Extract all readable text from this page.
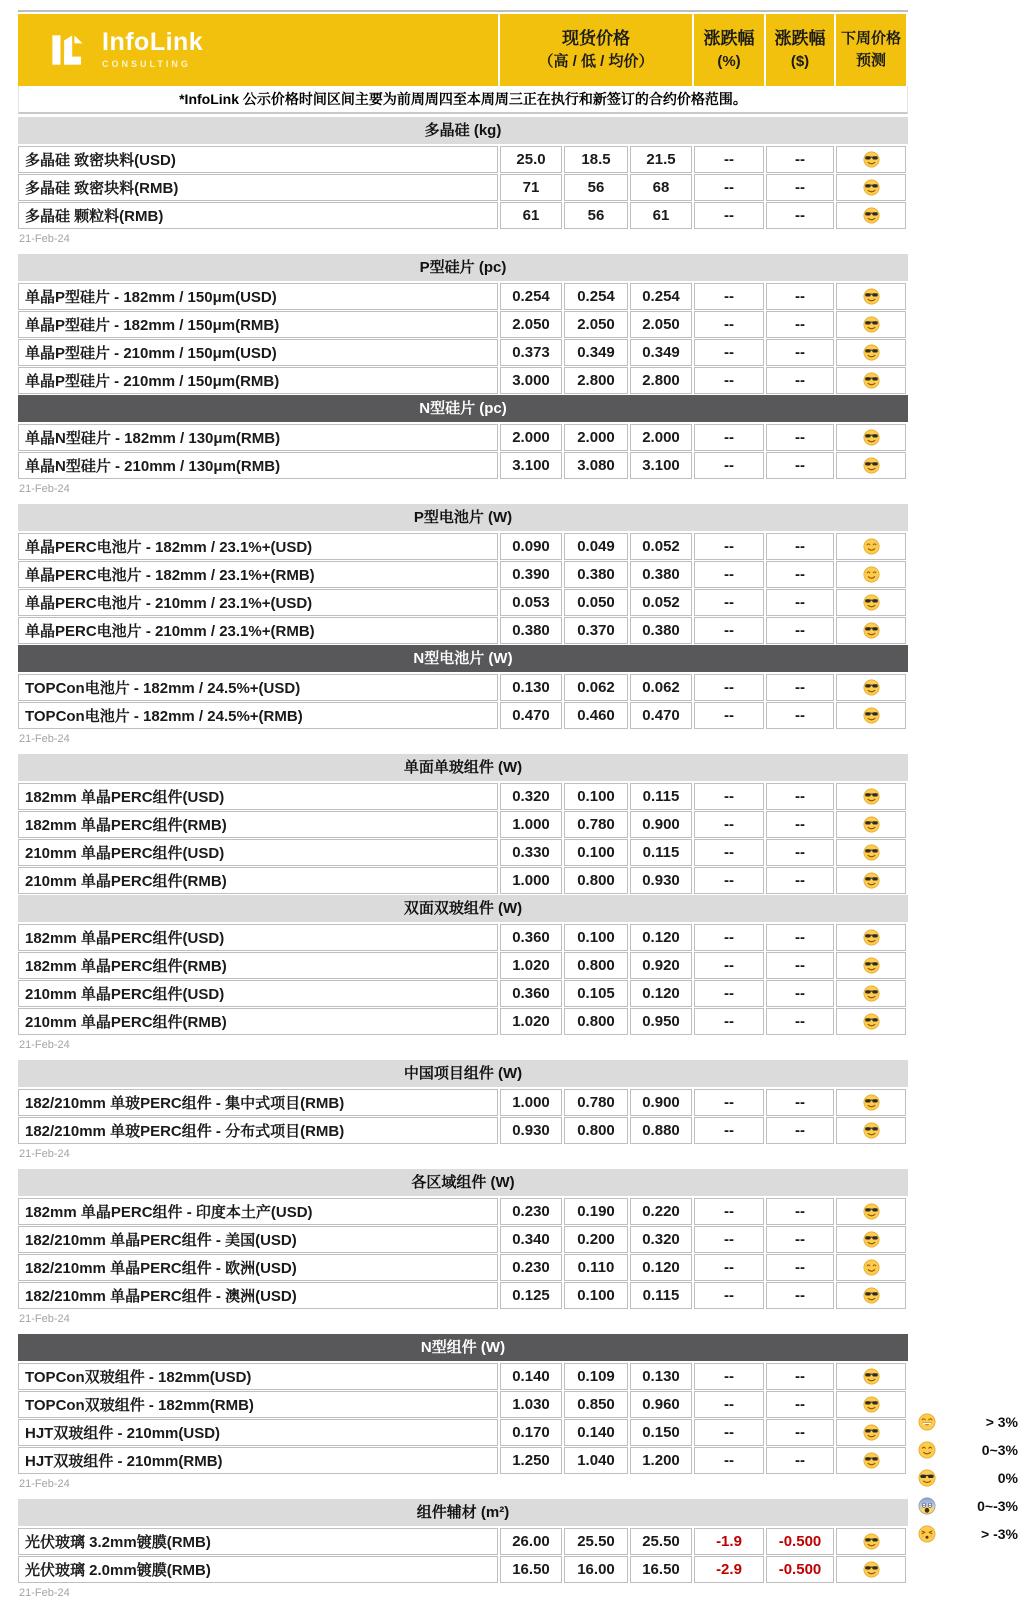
InfoLink
CONSULTING
现货价格
（高 / 低 / 均价）
涨跌幅
(%)
涨跌幅
($)
下周价格
预测
*InfoLink 公示价格时间区间主要为前周周四至本周周三正在执行和新签订的合约价格范围。
多晶硅 (kg)
多晶硅 致密块料(USD)	25.0	18.5	21.5	--	--
多晶硅 致密块料(RMB)	71	56	68	--	--
多晶硅 颗粒料(RMB)	61	56	61	--	--
21-Feb-24
P型硅片 (pc)
单晶P型硅片 - 182mm / 150μm(USD)	0.254	0.254	0.254	--	--
单晶P型硅片 - 182mm / 150μm(RMB)	2.050	2.050	2.050	--	--
单晶P型硅片 - 210mm / 150μm(USD)	0.373	0.349	0.349	--	--
单晶P型硅片 - 210mm / 150μm(RMB)	3.000	2.800	2.800	--	--
N型硅片 (pc)
单晶N型硅片 - 182mm / 130μm(RMB)	2.000	2.000	2.000	--	--
单晶N型硅片 - 210mm / 130μm(RMB)	3.100	3.080	3.100	--	--
21-Feb-24
P型电池片 (W)
单晶PERC电池片 - 182mm / 23.1%+(USD)	0.090	0.049	0.052	--	--
单晶PERC电池片 - 182mm / 23.1%+(RMB)	0.390	0.380	0.380	--	--
单晶PERC电池片 - 210mm / 23.1%+(USD)	0.053	0.050	0.052	--	--
单晶PERC电池片 - 210mm / 23.1%+(RMB)	0.380	0.370	0.380	--	--
N型电池片 (W)
TOPCon电池片 - 182mm / 24.5%+(USD)	0.130	0.062	0.062	--	--
TOPCon电池片 - 182mm / 24.5%+(RMB)	0.470	0.460	0.470	--	--
21-Feb-24
单面单玻组件 (W)
182mm 单晶PERC组件(USD)	0.320	0.100	0.115	--	--
182mm 单晶PERC组件(RMB)	1.000	0.780	0.900	--	--
210mm 单晶PERC组件(USD)	0.330	0.100	0.115	--	--
210mm 单晶PERC组件(RMB)	1.000	0.800	0.930	--	--
双面双玻组件 (W)
182mm 单晶PERC组件(USD)	0.360	0.100	0.120	--	--
182mm 单晶PERC组件(RMB)	1.020	0.800	0.920	--	--
210mm 单晶PERC组件(USD)	0.360	0.105	0.120	--	--
210mm 单晶PERC组件(RMB)	1.020	0.800	0.950	--	--
21-Feb-24
中国项目组件 (W)
182/210mm 单玻PERC组件 - 集中式项目(RMB)	1.000	0.780	0.900	--	--
182/210mm 单玻PERC组件 - 分布式项目(RMB)	0.930	0.800	0.880	--	--
21-Feb-24
各区域组件 (W)
182mm 单晶PERC组件 - 印度本土产(USD)	0.230	0.190	0.220	--	--
182/210mm 单晶PERC组件 - 美国(USD)	0.340	0.200	0.320	--	--
182/210mm 单晶PERC组件 - 欧洲(USD)	0.230	0.110	0.120	--	--
182/210mm 单晶PERC组件 - 澳洲(USD)	0.125	0.100	0.115	--	--
21-Feb-24
N型组件 (W)
TOPCon双玻组件 - 182mm(USD)	0.140	0.109	0.130	--	--
TOPCon双玻组件 - 182mm(RMB)	1.030	0.850	0.960	--	--
HJT双玻组件 - 210mm(USD)	0.170	0.140	0.150	--	--
HJT双玻组件 - 210mm(RMB)	1.250	1.040	1.200	--	--
21-Feb-24
组件辅材 (m²)
光伏玻璃 3.2mm镀膜(RMB)	26.00	25.50	25.50	-1.9	-0.500
光伏玻璃 2.0mm镀膜(RMB)	16.50	16.00	16.50	-2.9	-0.500
21-Feb-24
> 3%
0~3%
0%
0~-3%
> -3%
